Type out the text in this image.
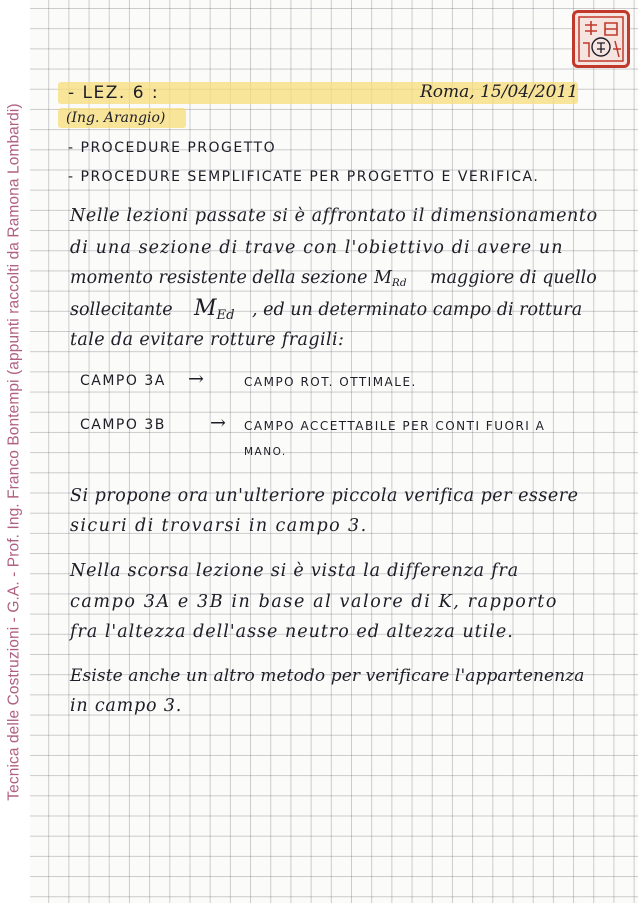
Tecnica delle Costruzioni - G.A. - Prof. Ing. Franco Bontempi (appunti raccolti da Ramona Lombardi)
- LEZ. 6 :	Roma, 15/04/2011
(Ing. Arangio)
- PROCEDURE PROGETTO
- PROCEDURE SEMPLIFICATE PER PROGETTO E VERIFICA.
Nelle lezioni passate si è affrontato il dimensionamento
di una sezione di trave con l'obiettivo di avere un
momento resistente della sezione $M_{Rd}$ maggiore di quello
sollecitante $M_{Ed}$ , ed un determinato campo di rottura
tale da evitare rotture fragili:
CAMPO 3A →	CAMPO ROT. OTTIMALE.
CAMPO 3B → CAMPO ACCETTABILE PER CONTI FUORI A
MANO.
Si propone ora un'ulteriore piccola verifica per essere
sicuri di trovarsi in campo 3.
Nella scorsa lezione si è vista la differenza fra
campo 3A e 3B in base al valore di K, rapporto
fra l'altezza dell'asse neutro ed altezza utile.
Esiste anche un altro metodo per verificare l'appartenenza
in campo 3.
